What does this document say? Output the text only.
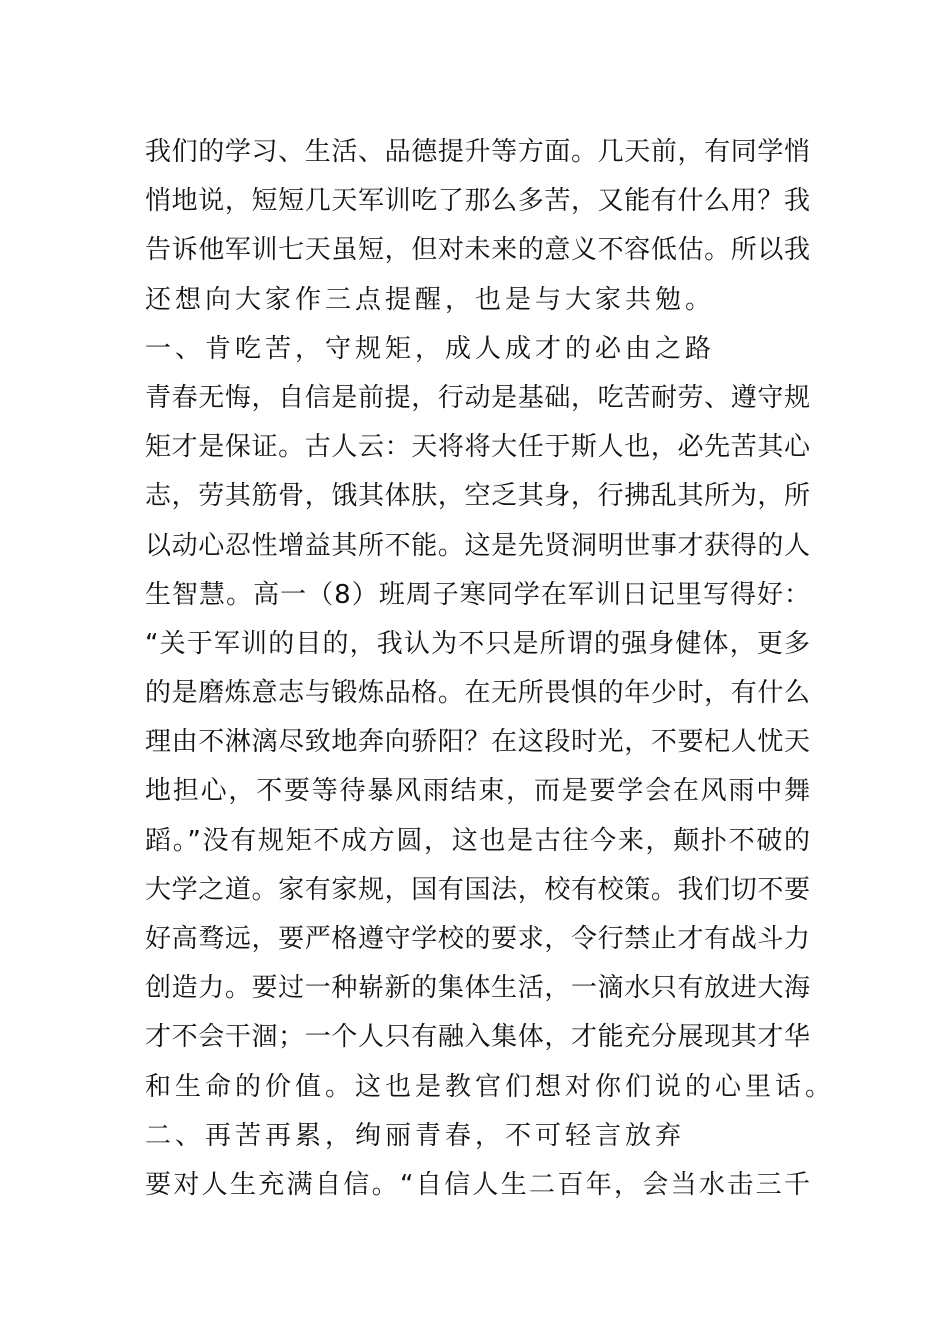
我们的学习、生活、品德提升等方面。几天前，有同学悄
悄地说，短短几天军训吃了那么多苦，又能有什么用？我
告诉他军训七天虽短，但对未来的意义不容低估。所以我
还想向大家作三点提醒，也是与大家共勉。
一、肯吃苦，守规矩，成人成才的必由之路
青春无悔，自信是前提，行动是基础，吃苦耐劳、遵守规
矩才是保证。古人云：天将将大任于斯人也，必先苦其心
志，劳其筋骨，饿其体肤，空乏其身，行拂乱其所为，所
以动心忍性增益其所不能。这是先贤洞明世事才获得的人
生智慧。高一（8）班周子寒同学在军训日记里写得好：
“关于军训的目的，我认为不只是所谓的强身健体，更多
的是磨炼意志与锻炼品格。在无所畏惧的年少时，有什么
理由不淋漓尽致地奔向骄阳？在这段时光，不要杞人忧天
地担心，不要等待暴风雨结束，而是要学会在风雨中舞
蹈。”没有规矩不成方圆，这也是古往今来，颠扑不破的
大学之道。家有家规，国有国法，校有校策。我们切不要
好高骛远，要严格遵守学校的要求，令行禁止才有战斗力
创造力。要过一种崭新的集体生活，一滴水只有放进大海
才不会干涸；一个人只有融入集体，才能充分展现其才华
和生命的价值。这也是教官们想对你们说的心里话。
二、再苦再累，绚丽青春，不可轻言放弃
要对人生充满自信。“自信人生二百年，会当水击三千
